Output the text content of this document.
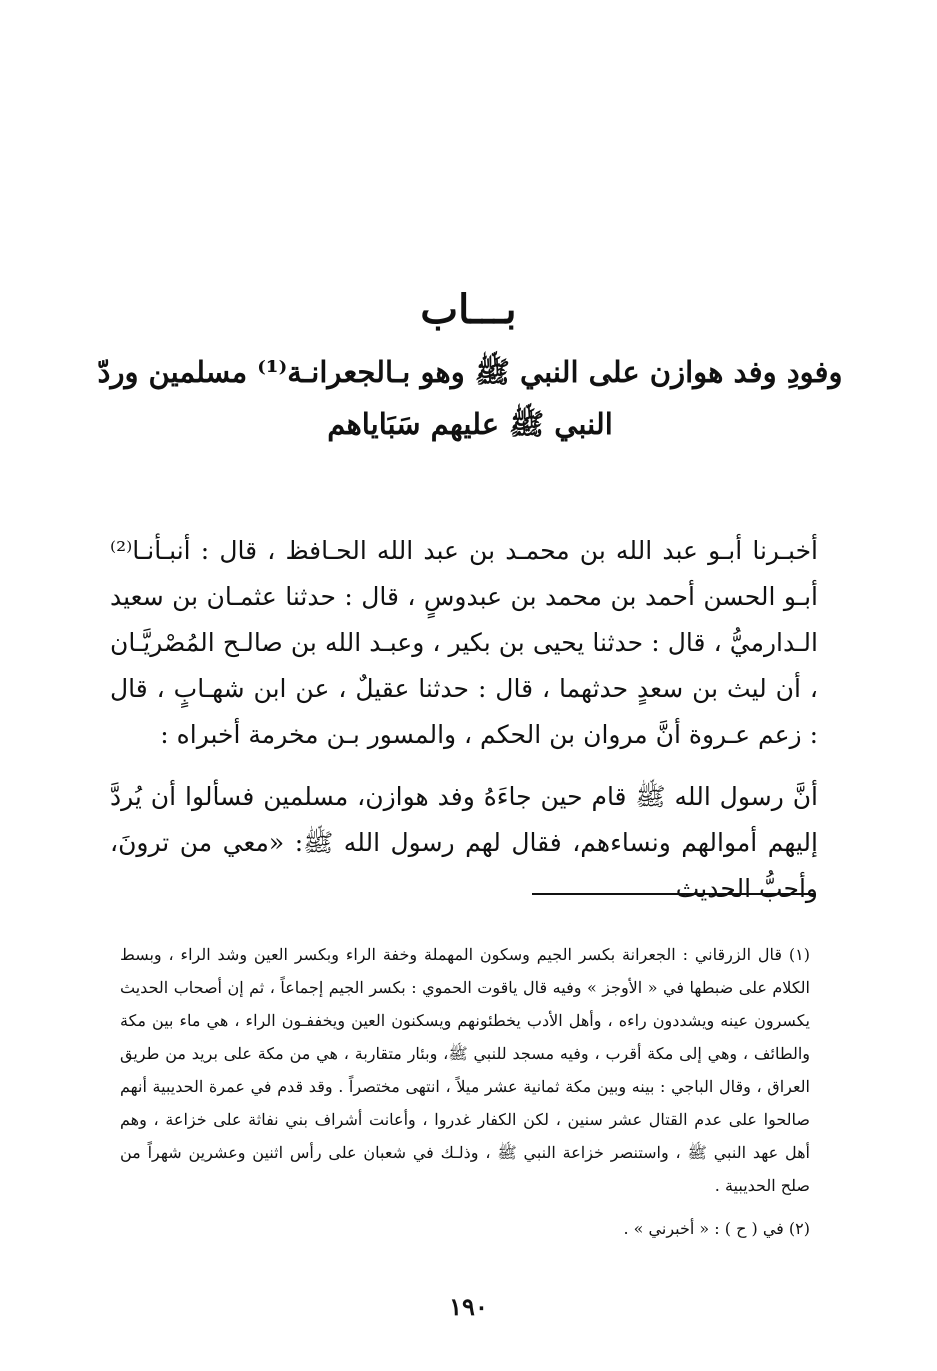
بـــاب
وفودِ وفد هوازن على النبي ﷺ وهو بـالجعرانـة⁽¹⁾ مسلمين وردّ النبي ﷺ عليهم سَبَاياهم

أخبـرنا أبـو عبد الله بن محمـد بن عبد الله الحـافظ ، قال : أنبـأنـا⁽²⁾ أبـو الحسن أحمد بن محمد بن عبدوسٍ ، قال : حدثنا عثمـان بن سعيد الـدارميُّ ، قال : حدثنا يحيى بن بكير ، وعبـد الله بن صالـح المُصْريَّـان ، أن ليث بن سعدٍ حدثهما ، قال : حدثنا عقيلٌ ، عن ابن شهـابٍ ، قال : زعم عـروة أنَّ مروان بن الحكم ، والمسور بـن مخرمة أخبراه :

أنَّ رسول الله ﷺ قام حين جاءَهُ وفد هوازن، مسلمين فسألوا أن يُردَّ إليهم أموالهم ونساءهم، فقال لهم رسول الله ﷺ: «معي من ترونَ، وأحبُّ الحديث

(١) قال الزرقاني : الجعرانة بكسر الجيم وسكون المهملة وخفة الراء وبكسر العين وشد الراء ، وبسط الكلام على ضبطها في « الأوجز » وفيه قال ياقوت الحموي : بكسر الجيم إجماعاً ، ثم إن أصحاب الحديث يكسرون عينه ويشددون راءه ، وأهل الأدب يخطئونهم ويسكنون العين ويخففـون الراء ، هي ماء بين مكة والطائف ، وهي إلى مكة أقرب ، وفيه مسجد للنبي ﷺ، وبئار متقاربة ، هي من مكة على بريد من طريق العراق ، وقال الباجي : بينه وبين مكة ثمانية عشر ميلاً ، انتهى مختصراً . وقد قدم في عمرة الحديبية أنهم صالحوا على عدم القتال عشر سنين ، لكن الكفار غدروا ، وأعانت أشراف بني نفاثة على خزاعة ، وهم أهل عهد النبي ﷺ ، واستنصر خزاعة النبي ﷺ ، وذلـك في شعبان على رأس اثنين وعشرين شهراً من صلح الحديبية .

(٢) في ( ح ) : « أخبرني » .

١٩٠
